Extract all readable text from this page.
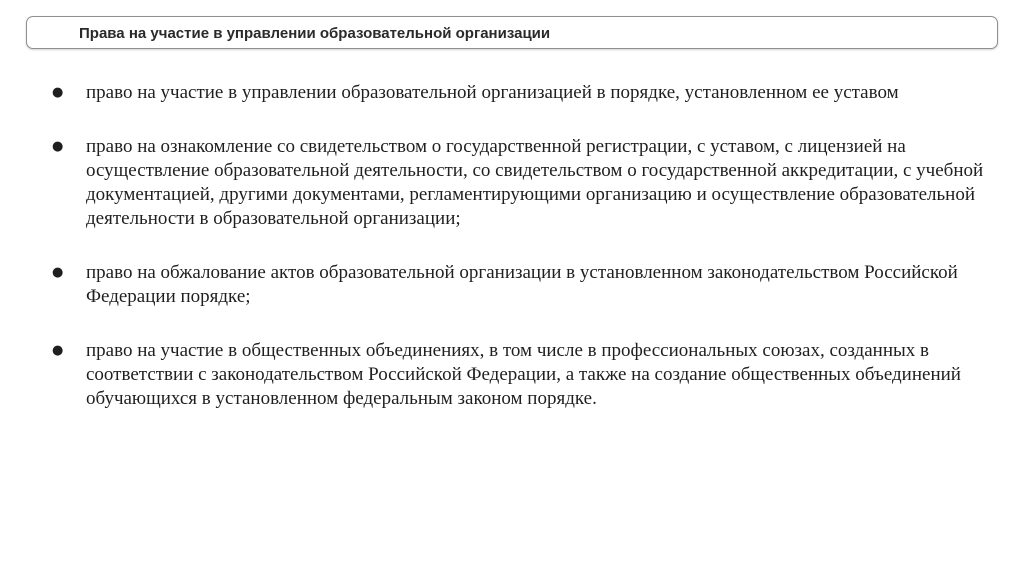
Права на участие в управлении образовательной организации
● право на участие в управлении образовательной организацией в порядке, установленном ее уставом
● право на ознакомление со свидетельством о государственной регистрации, с уставом, с лицензией на осуществление образовательной деятельности, со свидетельством о государственной аккредитации, с учебной документацией, другими документами, регламентирующими организацию и осуществление образовательной деятельности в образовательной организации;
● право на обжалование актов образовательной организации в установленном законодательством Российской Федерации порядке;
● право на участие в общественных объединениях, в том числе в профессиональных союзах, созданных в соответствии с законодательством Российской Федерации, а также на создание общественных объединений обучающихся в установленном федеральным законом порядке.
